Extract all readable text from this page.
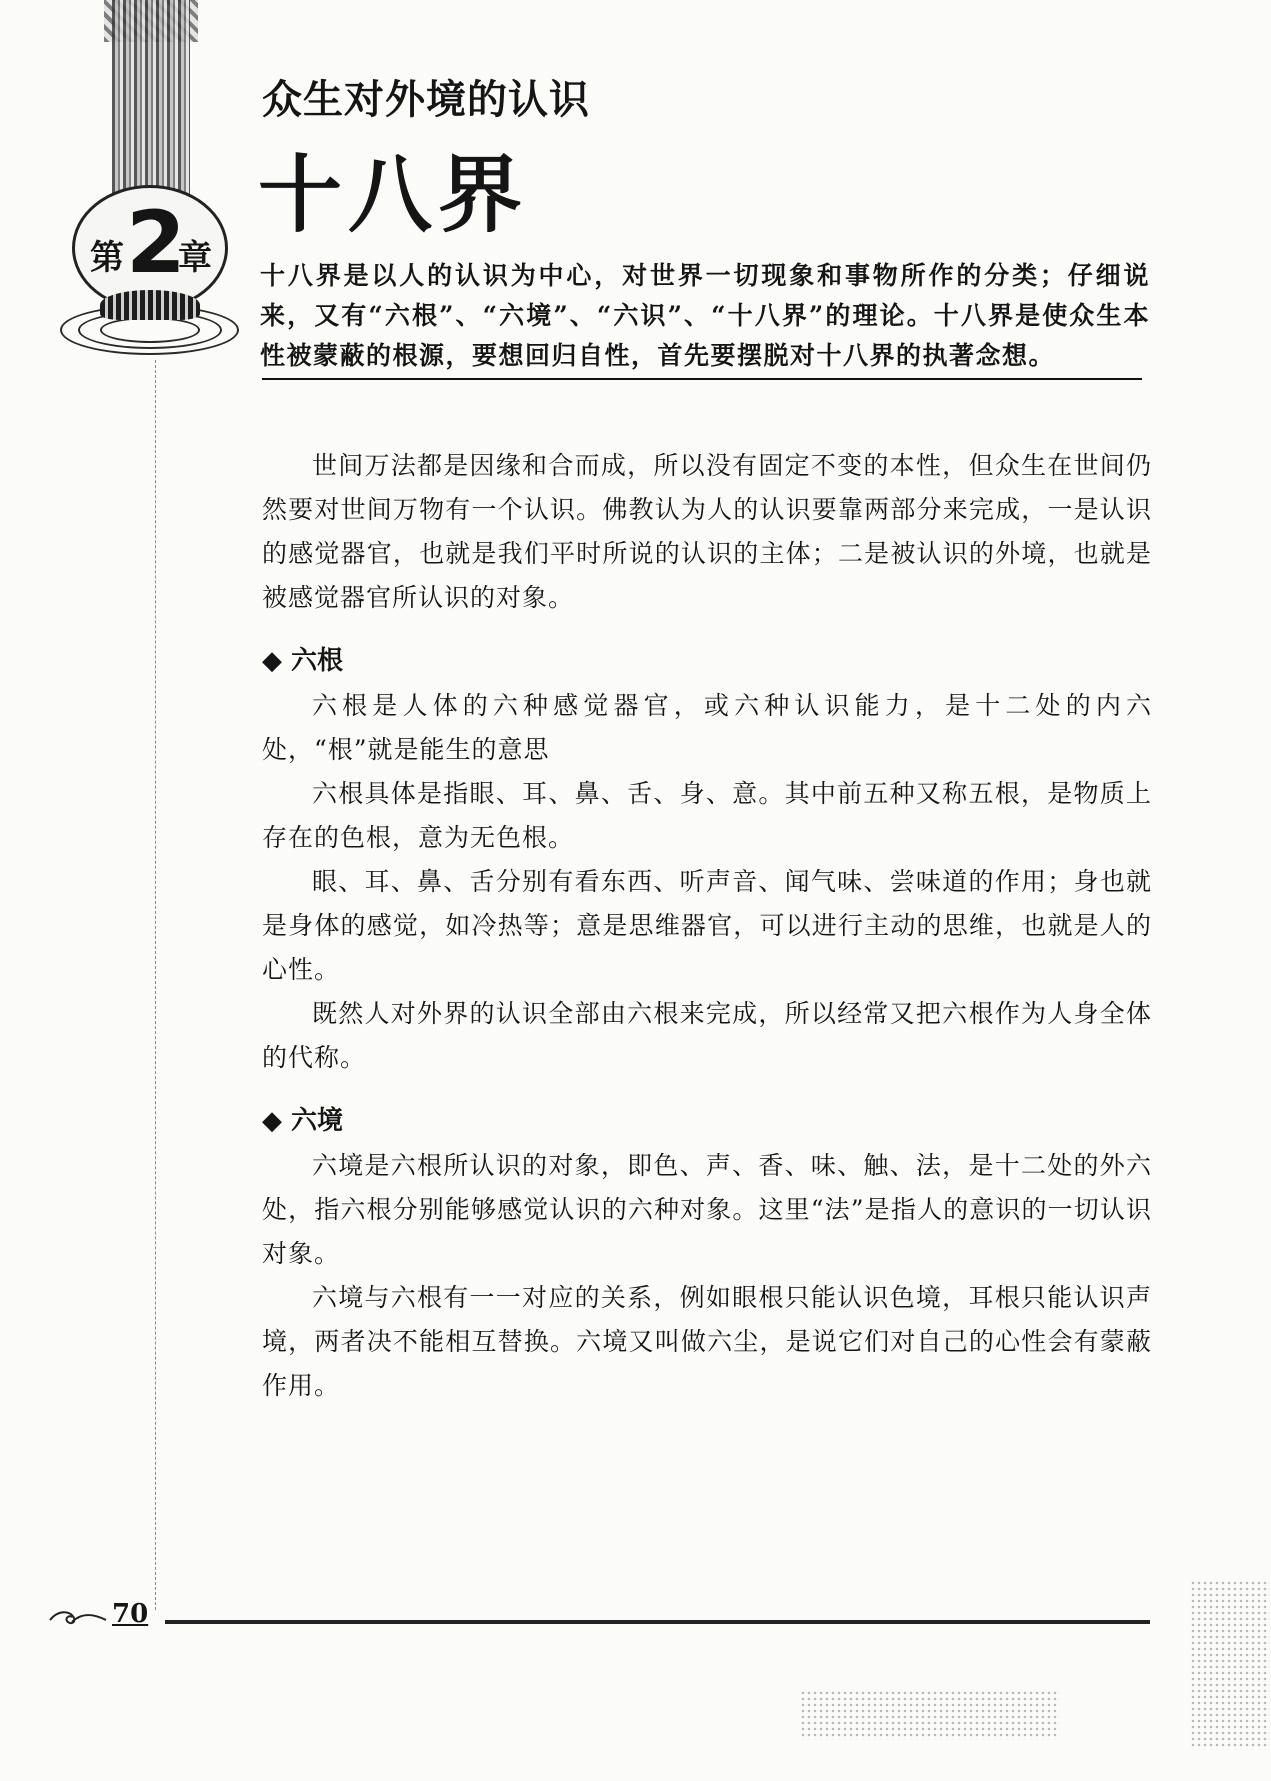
第 2
章
众生对外境的认识
十八界
十八界是以人的认识为中心，对世界一切现象和事物所作的分类；仔细说来，又有“六根”、“六境”、“六识”、“十八界”的理论。十八界是使众生本性被蒙蔽的根源，要想回归自性，首先要摆脱对十八界的执著念想。

世间万法都是因缘和合而成，所以没有固定不变的本性，但众生在世间仍然要对世间万物有一个认识。佛教认为人的认识要靠两部分来完成，一是认识的感觉器官，也就是我们平时所说的认识的主体；二是被认识的外境，也就是被感觉器官所认识的对象。

◆ 六根

六根是人体的六种感觉器官，或六种认识能力，是十二处的内六处，“根”就是能生的意思

六根具体是指眼、耳、鼻、舌、身、意。其中前五种又称五根，是物质上存在的色根，意为无色根。

眼、耳、鼻、舌分别有看东西、听声音、闻气味、尝味道的作用；身也就是身体的感觉，如冷热等；意是思维器官，可以进行主动的思维，也就是人的心性。

既然人对外界的认识全部由六根来完成，所以经常又把六根作为人身全体的代称。

◆ 六境

六境是六根所认识的对象，即色、声、香、味、触、法，是十二处的外六处，指六根分别能够感觉认识的六种对象。这里“法”是指人的意识的一切认识对象。

六境与六根有一一对应的关系，例如眼根只能认识色境，耳根只能认识声境，两者决不能相互替换。六境又叫做六尘，是说它们对自己的心性会有蒙蔽作用。

70
